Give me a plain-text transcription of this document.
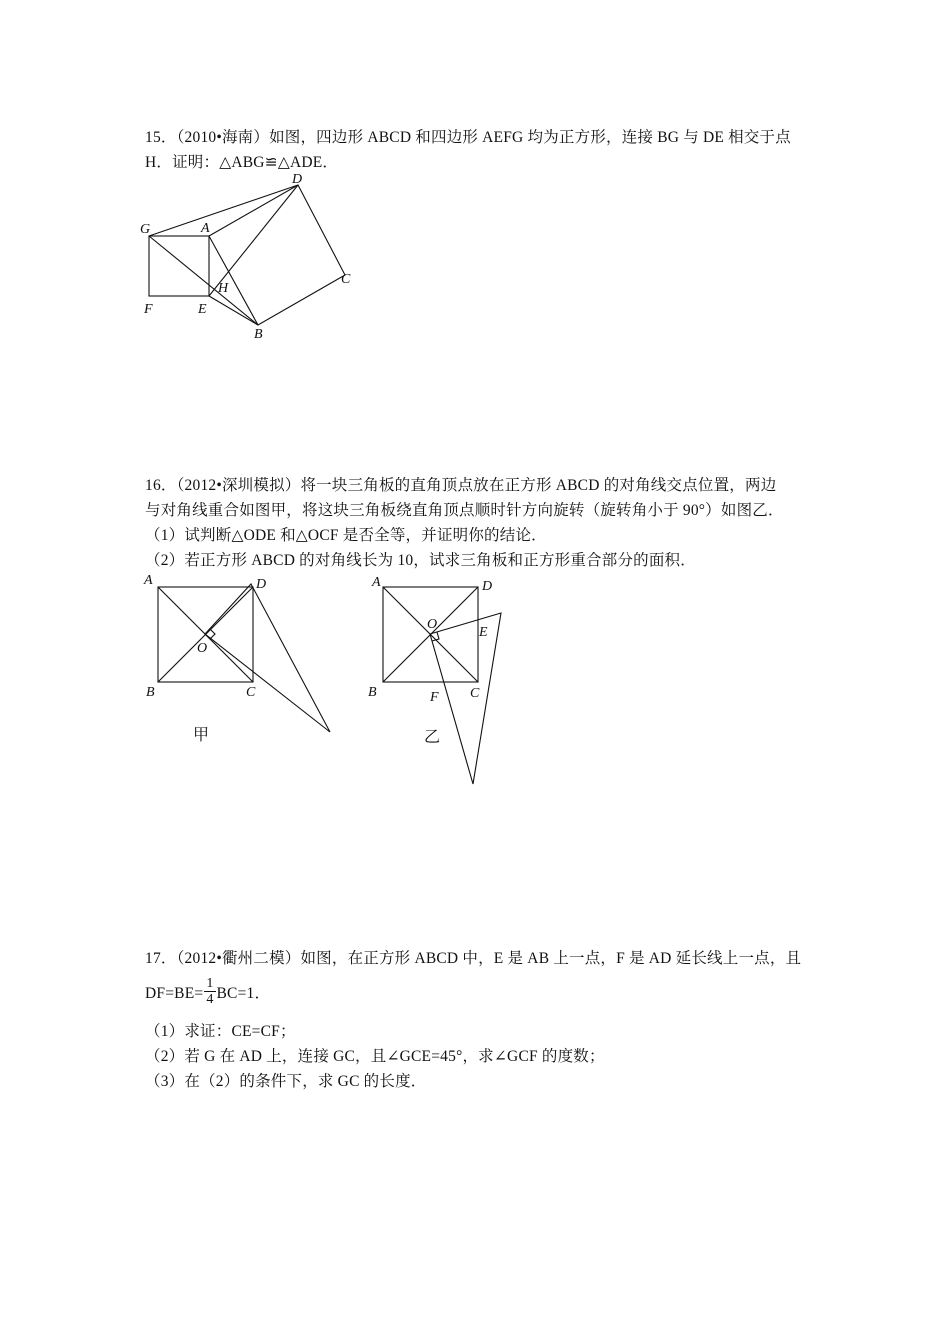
15．（2010•海南）如图，四边形 ABCD 和四边形 AEFG 均为正方形，连接 BG 与 DE 相交于点
H．证明：△ABG≌△ADE．
G	A
D
C
F	E
H
B
16．（2012•深圳模拟）将一块三角板的直角顶点放在正方形 ABCD 的对角线交点位置，两边
与对角线重合如图甲，将这块三角板绕直角顶点顺时针方向旋转（旋转角小于 90°）如图乙．
（1）试判断△ODE 和△OCF 是否全等，并证明你的结论．
（2）若正方形 ABCD 的对角线长为 10，试求三角板和正方形重合部分的面积．
A	D
O
B	C
甲
A	D
O
E
B	F C
乙
17．（2012•衢州二模）如图，在正方形 ABCD 中，E 是 AB 上一点，F 是 AD 延长线上一点，且
$DF=BE= \frac{1}{4} BC=1$．
（1）求证：CE=CF；
（2）若 G 在 AD 上，连接 GC，且∠GCE=45°，求∠GCF 的度数；
（3）在（2）的条件下，求 GC 的长度．
